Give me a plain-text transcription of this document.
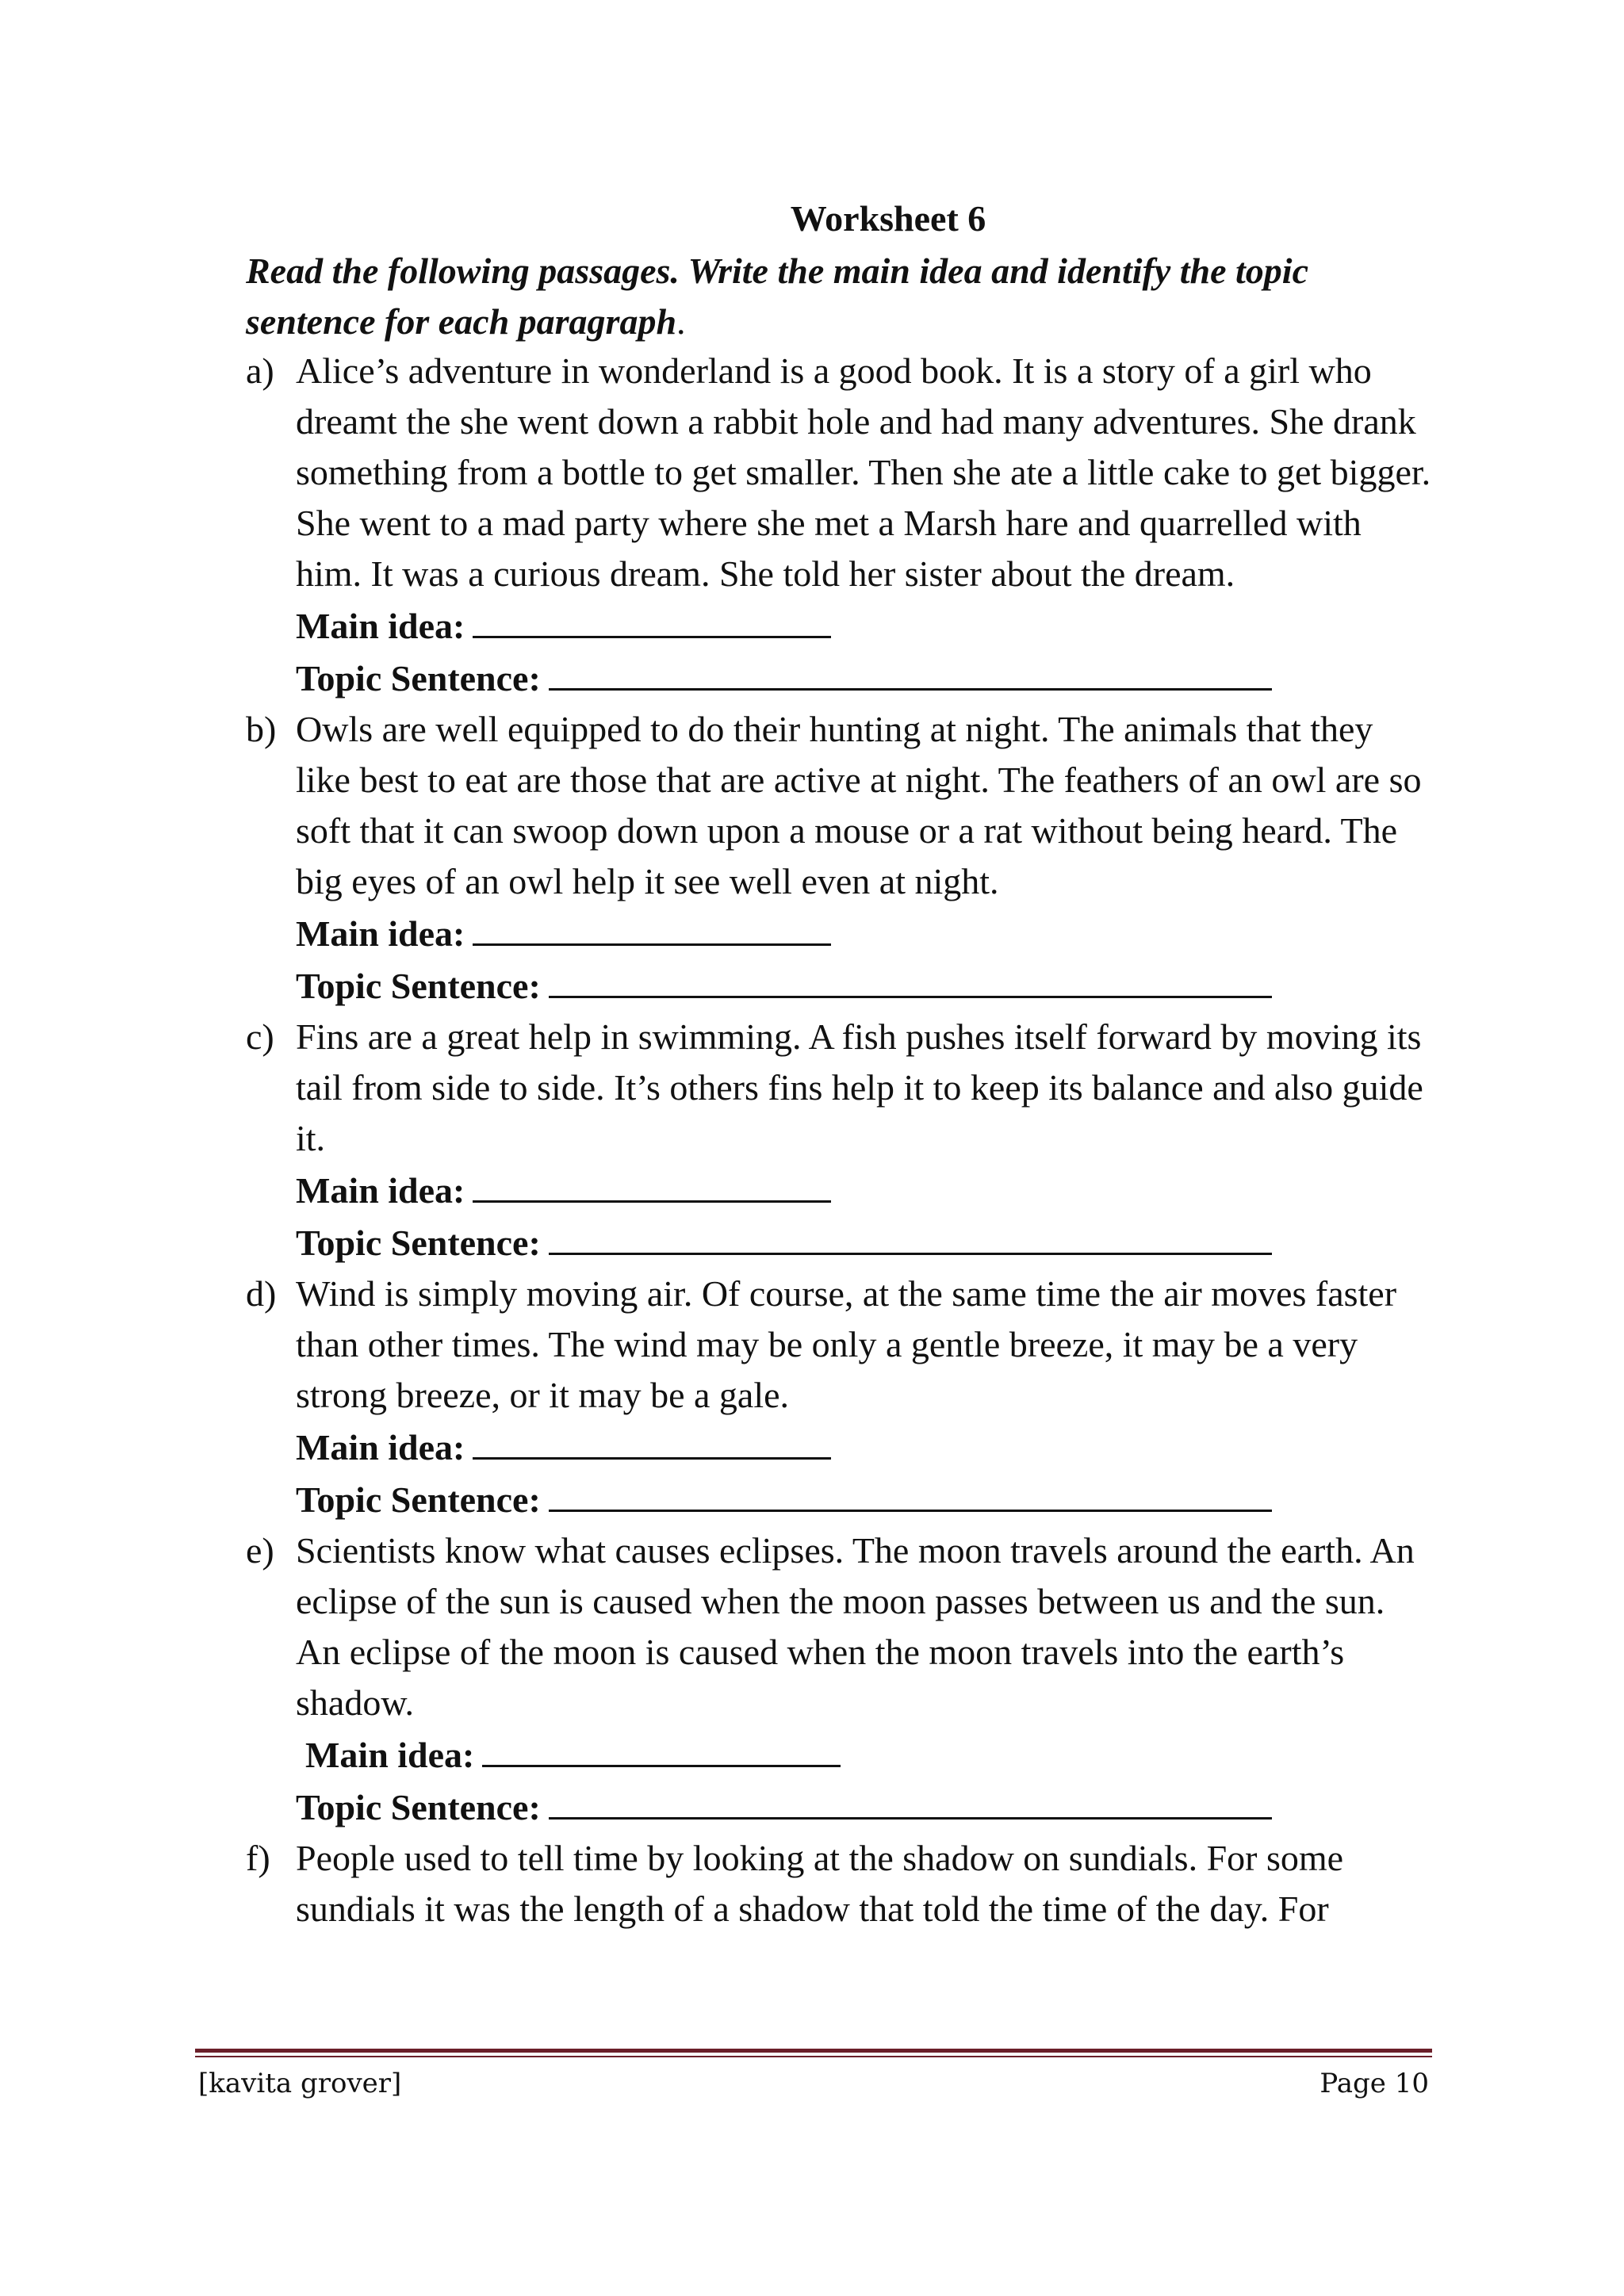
Worksheet 6
Read the following passages. Write the main idea and identify the topic sentence for each paragraph.
a) Alice’s adventure in wonderland is a good book. It is a story of a girl who dreamt the she went down a rabbit hole and had many adventures. She drank something from a bottle to get smaller. Then she ate a little cake to get bigger. She went to a mad party where she met a Marsh hare and quarrelled with him. It was a curious dream. She told her sister about the dream.
Main idea:
Topic Sentence:
b) Owls are well equipped to do their hunting at night. The animals that they like best to eat are those that are active at night. The feathers of an owl are so soft that it can swoop down upon a mouse or a rat without being heard. The big eyes of an owl help it see well even at night.
Main idea:
Topic Sentence:
c) Fins are a great help in swimming. A fish pushes itself forward by moving its tail from side to side. It’s others fins help it to keep its balance and also guide it.
Main idea:
Topic Sentence:
d) Wind is simply moving air. Of course, at the same time the air moves faster than other times. The wind may be only a gentle breeze, it may be a very strong breeze, or it may be a gale.
Main idea:
Topic Sentence:
e) Scientists know what causes eclipses. The moon travels around the earth. An eclipse of the sun is caused when the moon passes between us and the sun. An eclipse of the moon is caused when the moon travels into the earth’s shadow.
Main idea:
Topic Sentence:
f) People used to tell time by looking at the shadow on sundials. For some sundials it was the length of a shadow that told the time of the day. For
[kavita grover]	Page 10
